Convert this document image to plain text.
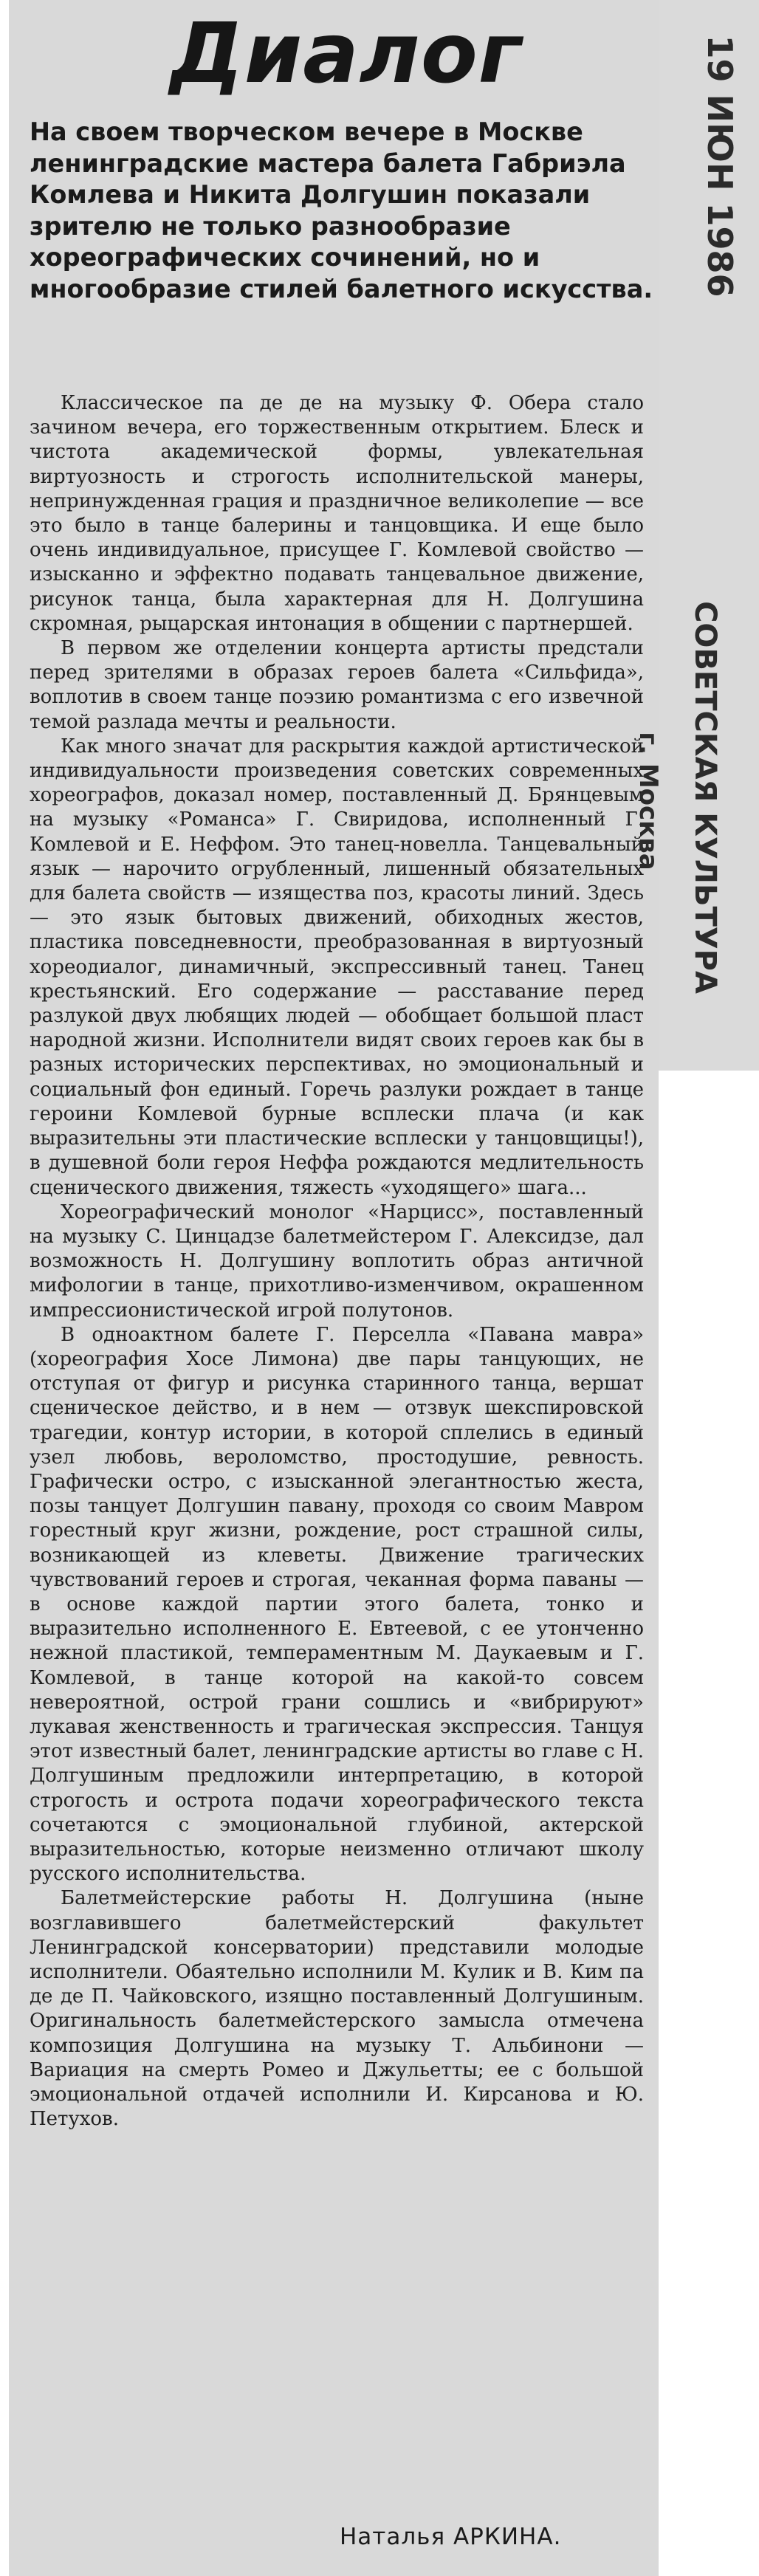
Диалог

На своем творческом вечере в Москве ленинградские мастера балета Габриэла Комлева и Никита Долгушин показали зрителю не только разнообразие хореографических сочинений, но и многообразие стилей балетного искусства.

Классическое па де де на музыку Ф. Обера стало зачином вечера, его торжественным открытием. Блеск и чистота академической формы, увлекательная виртуозность и строгость исполнительской манеры, непринужденная грация и праздничное великолепие — все это было в танце балерины и танцовщика. И еще было очень индивидуальное, присущее Г. Комлевой свойство — изысканно и эффектно подавать танцевальное движение, рисунок танца, была характерная для Н. Долгушина скромная, рыцарская интонация в общении с партнершей.

В первом же отделении концерта артисты предстали перед зрителями в образах героев балета «Сильфида», воплотив в своем танце поэзию романтизма с его извечной темой разлада мечты и реальности.

Как много значат для раскрытия каждой артистической индивидуальности произведения советских современных хореографов, доказал номер, поставленный Д. Брянцевым на музыку «Романса» Г. Свиридова, исполненный Г. Комлевой и Е. Неффом. Это танец-новелла. Танцевальный язык — нарочито огрубленный, лишенный обязательных для балета свойств — изящества поз, красоты линий. Здесь — это язык бытовых движений, обиходных жестов, пластика повседневности, преобразованная в виртуозный хореодиалог, динамичный, экспрессивный танец. Танец крестьянский. Его содержание — расставание перед разлукой двух любящих людей — обобщает большой пласт народной жизни. Исполнители видят своих героев как бы в разных исторических перспективах, но эмоциональный и социальный фон единый. Горечь разлуки рождает в танце героини Комлевой бурные всплески плача (и как выразительны эти пластические всплески у танцовщицы!), в душевной боли героя Неффа рождаются медлительность сценического движения, тяжесть «уходящего» шага...

Хореографический монолог «Нарцисс», поставленный на музыку С. Цинцадзе балетмейстером Г. Алексидзе, дал возможность Н. Долгушину воплотить образ античной мифологии в танце, прихотливо-изменчивом, окрашенном импрессионистической игрой полутонов.

В одноактном балете Г. Перселла «Павана мавра» (хореография Хосе Лимона) две пары танцующих, не отступая от фигур и рисунка старинного танца, вершат сценическое действо, и в нем — отзвук шекспировской трагедии, контур истории, в которой сплелись в единый узел любовь, вероломство, простодушие, ревность. Графически остро, с изысканной элегантностью жеста, позы танцует Долгушин павану, проходя со своим Мавром горестный круг жизни, рождение, рост страшной силы, возникающей из клеветы. Движение трагических чувствований героев и строгая, чеканная форма паваны — в основе каждой партии этого балета, тонко и выразительно исполненного Е. Евтеевой, с ее утонченно нежной пластикой, темпераментным М. Даукаевым и Г. Комлевой, в танце которой на какой-то совсем невероятной, острой грани сошлись и «вибрируют» лукавая женственность и трагическая экспрессия. Танцуя этот известный балет, ленинградские артисты во главе с Н. Долгушиным предложили интерпретацию, в которой строгость и острота подачи хореографического текста сочетаются с эмоциональной глубиной, актерской выразительностью, которые неизменно отличают школу русского исполнительства.

Балетмейстерские работы Н. Долгушина (ныне возглавившего балетмейстерский факультет Ленинградской консерватории) представили молодые исполнители. Обаятельно исполнили М. Кулик и В. Ким па де де П. Чайковского, изящно поставленный Долгушиным. Оригинальность балетмейстерского замысла отмечена композиция Долгушина на музыку Т. Альбинони — Вариация на смерть Ромео и Джульетты; ее с большой эмоциональной отдачей исполнили И. Кирсанова и Ю. Петухов.

Наталья АРКИНА.
19 ИЮН 1986
СОВЕТСКАЯ КУЛЬТУРА
г. Москва
